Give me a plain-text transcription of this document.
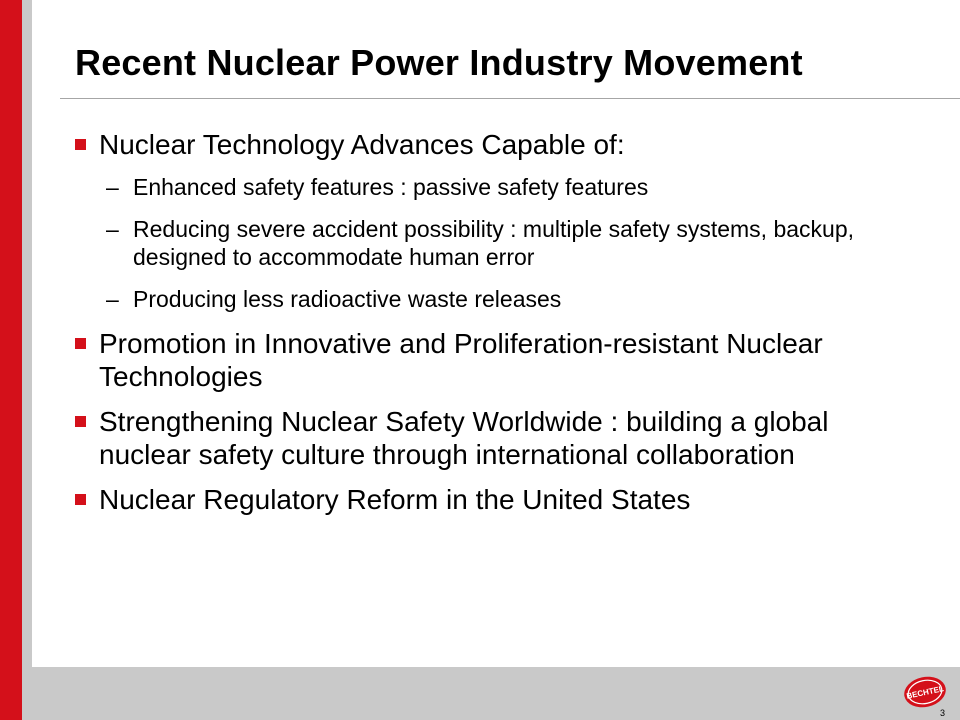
Recent Nuclear Power Industry Movement
Nuclear Technology Advances Capable of:
– Enhanced safety features : passive safety features
– Reducing severe accident possibility : multiple safety systems, backup, designed to accommodate human error
– Producing less radioactive waste releases
Promotion in Innovative and Proliferation-resistant Nuclear Technologies
Strengthening Nuclear Safety Worldwide : building a global nuclear safety culture through international collaboration
Nuclear Regulatory Reform in the United States
BECHTEL
3
